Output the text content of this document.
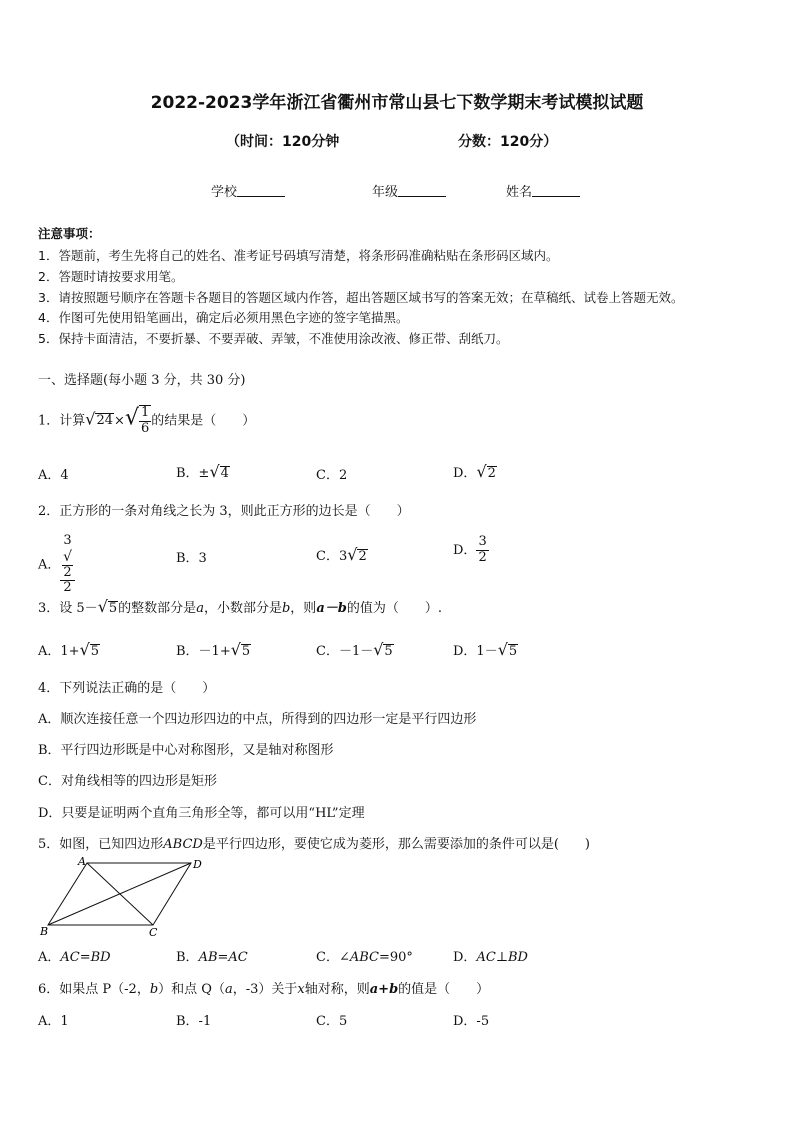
2022-2023学年浙江省衢州市常山县七下数学期末考试模拟试题
（时间：120分钟	分数：120分）
学校	年级	姓名
注意事项：
1．答题前，考生先将自己的姓名、准考证号码填写清楚，将条形码准确粘贴在条形码区域内。
2．答题时请按要求用笔。
3．请按照题号顺序在答题卡各题目的答题区域内作答，超出答题区域书写的答案无效；在草稿纸、试卷上答题无效。
4．作图可先使用铅笔画出，确定后必须用黑色字迹的签字笔描黑。
5．保持卡面清洁，不要折暴、不要弄破、弄皱，不准使用涂改液、修正带、刮纸刀。
一、选择题(每小题 3 分，共 30 分)
1．计算$√24\times√ \frac{1}{6}$ 的结果是（　　）
A．4	B．±√4	C．2	D．√2
2．正方形的一条对角线之长为 3，则此正方形的边长是（　　）
A． 3
√
2
2	B．3	C．3√2	D． $\frac{3}{2}$
3．设 5－√5的整数部分是a，小数部分是b，则a－b的值为（　　）.
A．1+√5	B．－1+√5	C．－1－√5	D．1－√5
4．下列说法正确的是（　　）
A．顺次连接任意一个四边形四边的中点，所得到的四边形一定是平行四边形
B．平行四边形既是中心对称图形，又是轴对称图形
C．对角线相等的四边形是矩形
D．只要是证明两个直角三角形全等，都可以用“HL”定理
5．如图，已知四边形ABCD是平行四边形，要使它成为菱形，那么需要添加的条件可以是(　　)
A	D
B	C
A．AC=BD	B．AB=AC	C．∠ABC=90°	D．AC⊥BD
6．如果点 P（-2，b）和点 Q（a，-3）关于x轴对称，则a+b的值是（　　）
A．1	B．-1	C．5	D．-5
